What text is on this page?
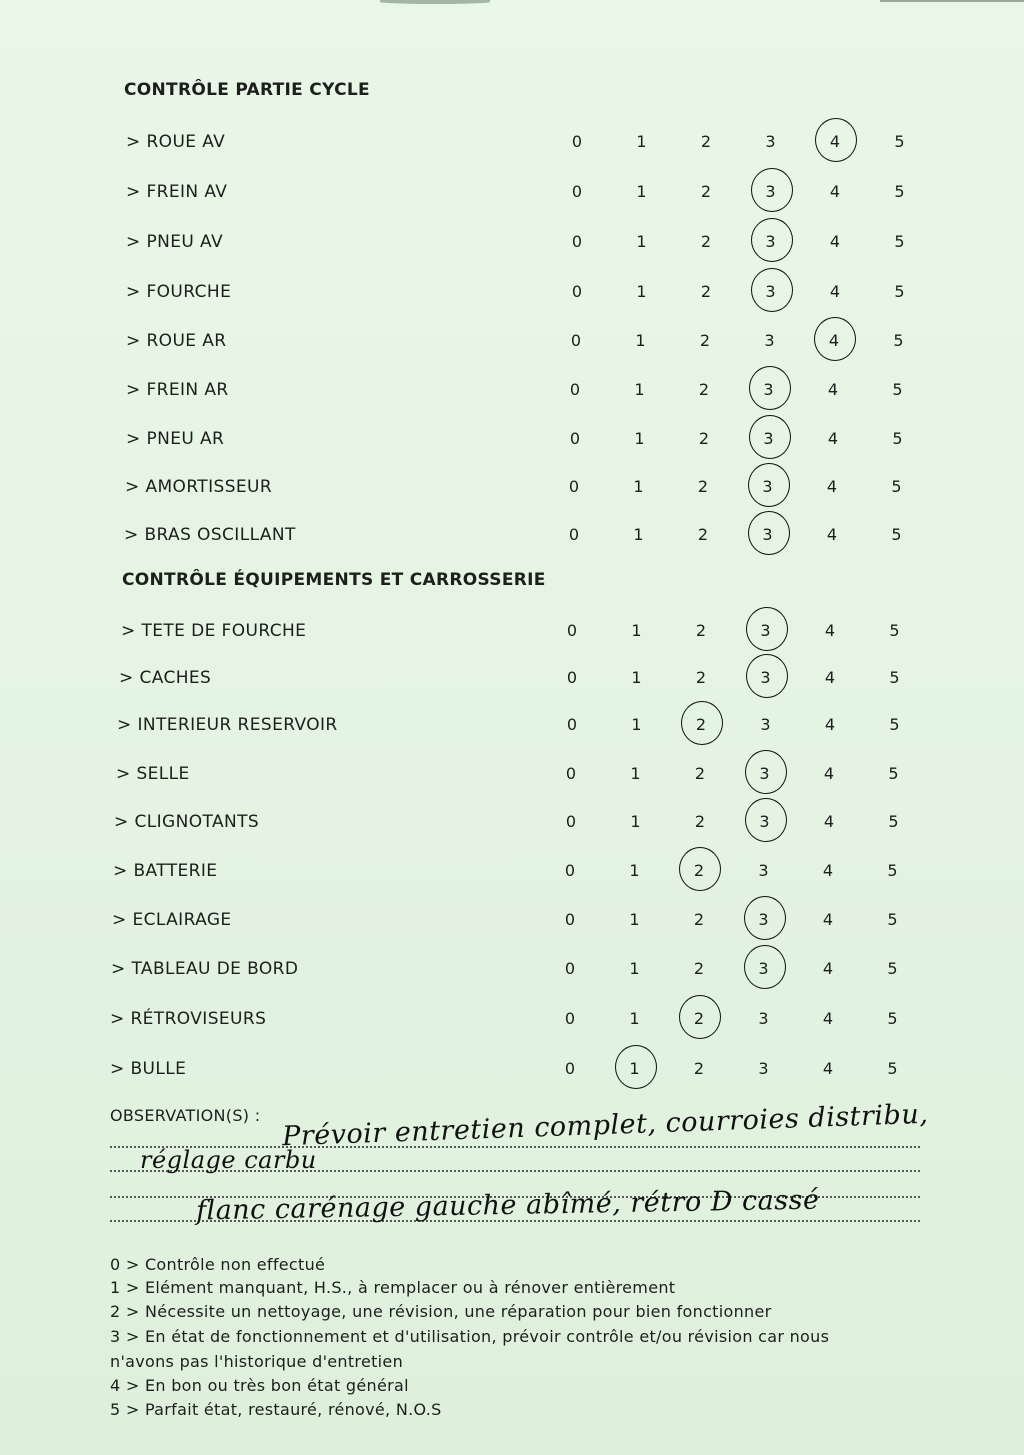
CONTRÔLE PARTIE CYCLE
> ROUE AV	0	1	2	3	4	5
> FREIN AV	0	1	2	3	4	5
> PNEU AV	0	1	2	3	4	5
> FOURCHE	0	1	2	3	4	5
> ROUE AR	0	1	2	3	4	5
> FREIN AR	0	1	2	3	4	5
> PNEU AR	0	1	2	3	4	5
> AMORTISSEUR	0	1	2	3	4	5
> BRAS OSCILLANT	0	1	2	3	4	5
CONTRÔLE ÉQUIPEMENTS ET CARROSSERIE
> TETE DE FOURCHE	0	1	2	3	4	5
> CACHES	0	1	2	3	4	5
> INTERIEUR RESERVOIR	0	1	2	3	4	5
> SELLE	0	1	2	3	4	5
> CLIGNOTANTS	0	1	2	3	4	5
> BATTERIE	0	1	2	3	4	5
> ECLAIRAGE	0	1	2	3	4	5
> TABLEAU DE BORD	0	1	2	3	4	5
> RÉTROVISEURS	0	1	2	3	4	5
> BULLE	0	1	2	3	4	5
OBSERVATION(S) : Prévoir entretien complet, courroies distribu,
réglage carbu
flanc carénage gauche abîmé, rétro D cassé
0 > Contrôle non effectué
1 > Elément manquant, H.S., à remplacer ou à rénover entièrement
2 > Nécessite un nettoyage, une révision, une réparation pour bien fonctionner
3 > En état de fonctionnement et d'utilisation, prévoir contrôle et/ou révision car nous
n'avons pas l'historique d'entretien
4 > En bon ou très bon état général
5 > Parfait état, restauré, rénové, N.O.S
